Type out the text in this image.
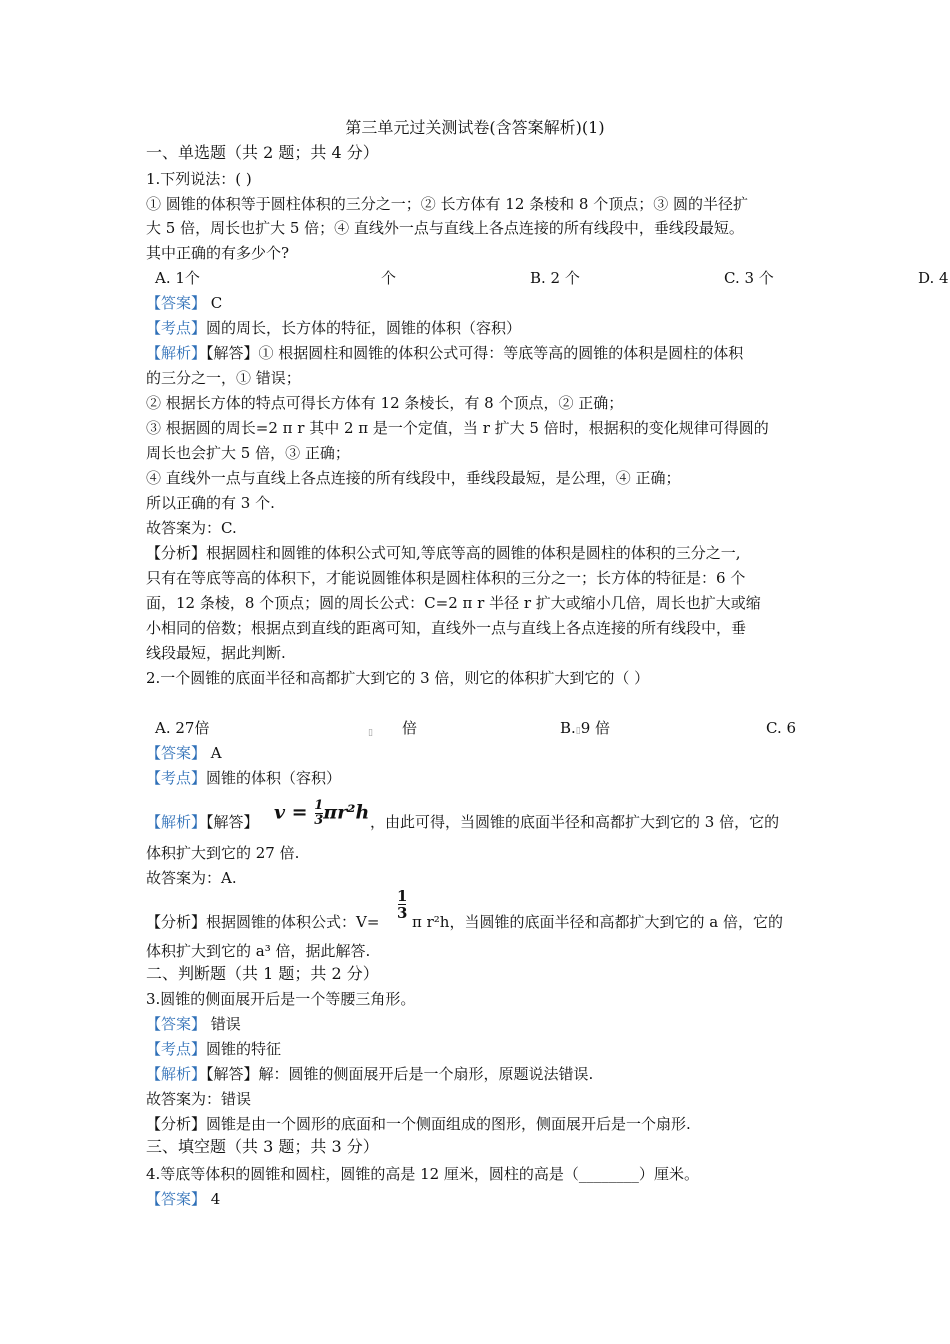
第三单元过关测试卷(含答案解析)(1)
一、单选题（共 2 题；共 4 分）
1.下列说法：( )
① 圆锥的体积等于圆柱体积的三分之一；② 长方体有 12 条棱和 8 个顶点；③ 圆的半径扩
大 5 倍，周长也扩大 5 倍；④ 直线外一点与直线上各点连接的所有线段中，垂线段最短。
其中正确的有多少个?
A. 1个	个	B. 2 个	C. 3 个	D. 4
【答案】 C
【考点】圆的周长，长方体的特征，圆锥的体积（容积）
【解析】【解答】① 根据圆柱和圆锥的体积公式可得：等底等高的圆锥的体积是圆柱的体积
的三分之一，① 错误；
② 根据长方体的特点可得长方体有 12 条棱长，有 8 个顶点，② 正确；
③ 根据圆的周长=2 π r 其中 2 π 是一个定值，当 r 扩大 5 倍时，根据积的变化规律可得圆的
周长也会扩大 5 倍，③ 正确；
④ 直线外一点与直线上各点连接的所有线段中，垂线段最短，是公理，④ 正确；
所以正确的有 3 个.
故答案为：C.
【分析】根据圆柱和圆锥的体积公式可知,等底等高的圆锥的体积是圆柱的体积的三分之一,
只有在等底等高的体积下，才能说圆锥体积是圆柱体积的三分之一；长方体的特征是：6 个
面，12 条棱，8 个顶点；圆的周长公式：C=2 π r 半径 r 扩大或缩小几倍，周长也扩大或缩
小相同的倍数；根据点到直线的距离可知，直线外一点与直线上各点连接的所有线段中，垂
线段最短，据此判断.
2.一个圆锥的底面半径和高都扩大到它的 3 倍，则它的体积扩大到它的（ ）
A. 27倍	▯ 倍	B.▯9 倍	C. 6
【答案】 A
【考点】圆锥的体积（容积）
【解析】【解答】 $v = \frac{1}{3} \pi r^2h$ ，由此可得，当圆锥的底面半径和高都扩大到它的 3 倍，它的
体积扩大到它的 27 倍.
故答案为：A.
【分析】根据圆锥的体积公式：V=
$\frac{1}{3}$
π r²h，当圆锥的底面半径和高都扩大到它的 a 倍，它的
体积扩大到它的 a³ 倍，据此解答.
二、判断题（共 1 题；共 2 分）
3.圆锥的侧面展开后是一个等腰三角形。
【答案】 错误
【考点】圆锥的特征
【解析】【解答】解：圆锥的侧面展开后是一个扇形，原题说法错误.
故答案为：错误
【分析】圆锥是由一个圆形的底面和一个侧面组成的图形，侧面展开后是一个扇形.
三、填空题（共 3 题；共 3 分）
4.等底等体积的圆锥和圆柱，圆锥的高是 12 厘米，圆柱的高是（________）厘米。
【答案】 4
